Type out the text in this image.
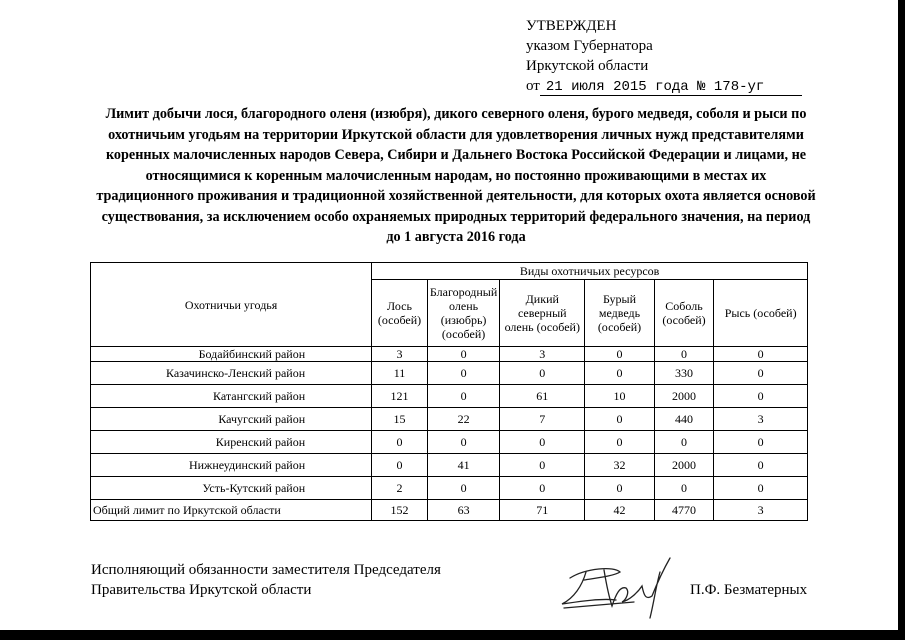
УТВЕРЖДЕН
указом Губернатора
Иркутской области
от 21 июля 2015 года № 178-уг
Лимит добычи лося, благородного оленя (изюбря), дикого северного оленя, бурого медведя, соболя и рыси по охотничьим угодьям на территории Иркутской области для удовлетворения личных нужд представителями коренных малочисленных народов Севера, Сибири и Дальнего Востока Российской Федерации и лицами, не относящимися к коренным малочисленным народам, но постоянно проживающими в местах их традиционного проживания и традиционной хозяйственной деятельности, для которых охота является основой существования, за исключением особо охраняемых природных территорий федерального значения, на период до 1 августа 2016 года
Охотничьи угодья	Виды охотничьих ресурсов					
	Лось (особей)	Благородный олень (изюбрь) (особей)	Дикий северный олень (особей)	Бурый медведь (особей)	Соболь (особей)	Рысь (особей)
Бодайбинский район	3	0	3	0	0	0
Казачинско-Ленский район	11	0	0	0	330	0
Катангский район	121	0	61	10	2000	0
Качугский район	15	22	7	0	440	3
Киренский район	0	0	0	0	0	0
Нижнеудинский район	0	41	0	32	2000	0
Усть-Кутский район	2	0	0	0	0	0
Общий лимит по Иркутской области	152	63	71	42	4770	3
Исполняющий обязанности заместителя Председателя
Правительства Иркутской области	П.Ф. Безматерных
